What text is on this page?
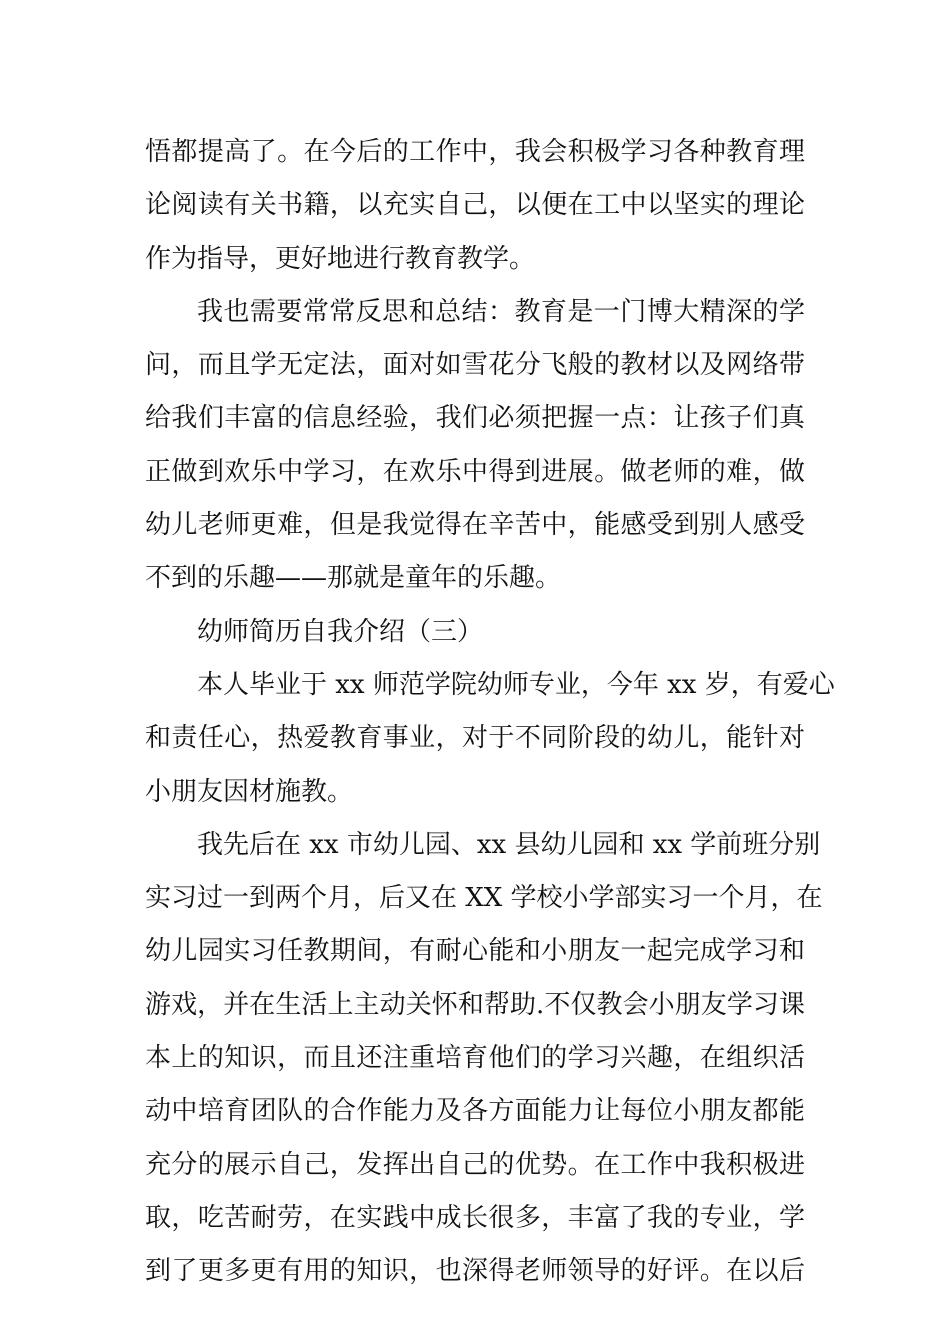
悟都提高了。在今后的工作中，我会积极学习各种教育理
论阅读有关书籍，以充实自己，以便在工中以坚实的理论
作为指导，更好地进行教育教学。
我也需要常常反思和总结：教育是一门博大精深的学
问，而且学无定法，面对如雪花分飞般的教材以及网络带
给我们丰富的信息经验，我们必须把握一点：让孩子们真
正做到欢乐中学习，在欢乐中得到进展。做老师的难，做
幼儿老师更难，但是我觉得在辛苦中，能感受到别人感受
不到的乐趣——那就是童年的乐趣。
幼师简历自我介绍（三）
本人毕业于 xx 师范学院幼师专业，今年 xx 岁，有爱心
和责任心，热爱教育事业，对于不同阶段的幼儿，能针对
小朋友因材施教。
我先后在 xx 市幼儿园、xx 县幼儿园和 xx 学前班分别
实习过一到两个月，后又在 XX 学校小学部实习一个月，在
幼儿园实习任教期间，有耐心能和小朋友一起完成学习和
游戏，并在生活上主动关怀和帮助.不仅教会小朋友学习课
本上的知识，而且还注重培育他们的学习兴趣，在组织活
动中培育团队的合作能力及各方面能力让每位小朋友都能
充分的展示自己，发挥出自己的优势。在工作中我积极进
取，吃苦耐劳，在实践中成长很多，丰富了我的专业，学
到了更多更有用的知识，也深得老师领导的好评。在以后
